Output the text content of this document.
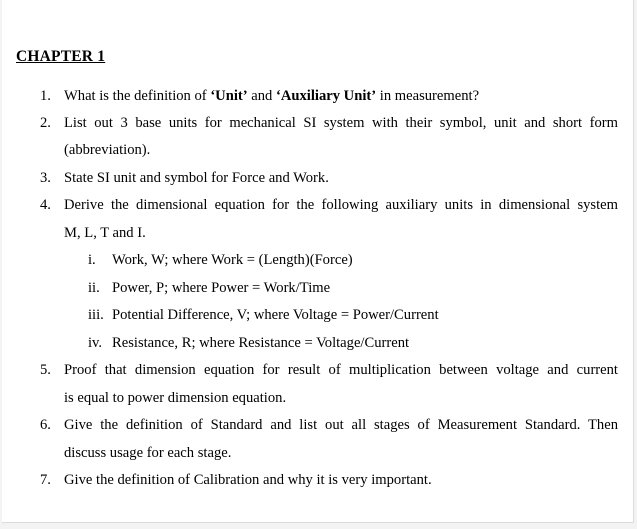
CHAPTER 1
1. What is the definition of ‘Unit’ and ‘Auxiliary Unit’ in measurement?
2. List out 3 base units for mechanical SI system with their symbol, unit and short form
(abbreviation).
3. State SI unit and symbol for Force and Work.
4. Derive the dimensional equation for the following auxiliary units in dimensional system
M, L, T and I.
i. Work, W; where Work = (Length)(Force)
ii. Power, P; where Power = Work/Time
iii. Potential Difference, V; where Voltage = Power/Current
iv. Resistance, R; where Resistance = Voltage/Current
5. Proof that dimension equation for result of multiplication between voltage and current
is equal to power dimension equation.
6. Give the definition of Standard and list out all stages of Measurement Standard. Then
discuss usage for each stage.
7. Give the definition of Calibration and why it is very important.
